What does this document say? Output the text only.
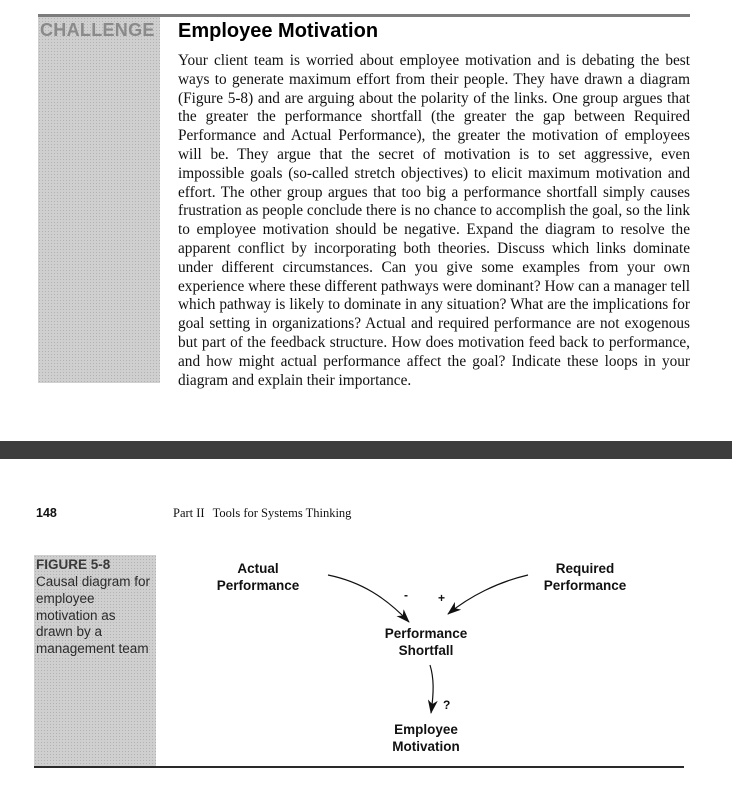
CHALLENGE Employee Motivation

Your client team is worried about employee motivation and is debating the best ways to generate maximum effort from their people. They have drawn a diagram (Figure 5-8) and are arguing about the polarity of the links. One group argues that the greater the performance shortfall (the greater the gap between Required Performance and Actual Performance), the greater the motivation of employees will be. They argue that the secret of motivation is to set aggressive, even impossible goals (so-called stretch objectives) to elicit maximum motivation and effort. The other group argues that too big a performance shortfall simply causes frustration as people conclude there is no chance to accomplish the goal, so the link to employee motivation should be negative. Expand the diagram to resolve the apparent conflict by incorporating both theories. Discuss which links dominate under different circumstances. Can you give some examples from your own experience where these different pathways were dominant? How can a manager tell which pathway is likely to dominate in any situation? What are the implications for goal setting in organizations? Actual and required performance are not exogenous but part of the feedback structure. How does motivation feed back to performance, and how might actual performance affect the goal? Indicate these loops in your diagram and explain their importance.

148	Part II Tools for Systems Thinking

FIGURE 5-8

Causal diagram for employee motivation as drawn by a management team

Actual
Performance
Required
Performance
Performance
Shortfall
Employee
Motivation
-	+
?
